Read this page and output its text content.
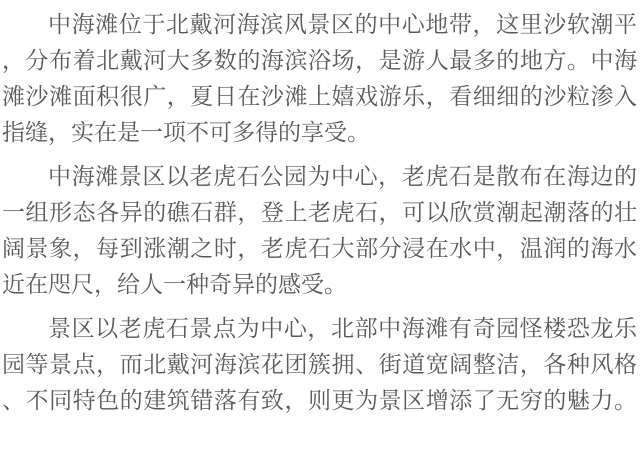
中海滩位于北戴河海滨风景区的中心地带，这里沙软潮平
，分布着北戴河大多数的海滨浴场，是游人最多的地方。中海
滩沙滩面积很广，夏日在沙滩上嬉戏游乐，看细细的沙粒渗入
指缝，实在是一项不可多得的享受。
中海滩景区以老虎石公园为中心，老虎石是散布在海边的
一组形态各异的礁石群，登上老虎石，可以欣赏潮起潮落的壮
阔景象，每到涨潮之时，老虎石大部分浸在水中，温润的海水
近在咫尺，给人一种奇异的感受。
景区以老虎石景点为中心，北部中海滩有奇园怪楼恐龙乐
园等景点，而北戴河海滨花团簇拥、街道宽阔整洁，各种风格
、不同特色的建筑错落有致，则更为景区增添了无穷的魅力。
